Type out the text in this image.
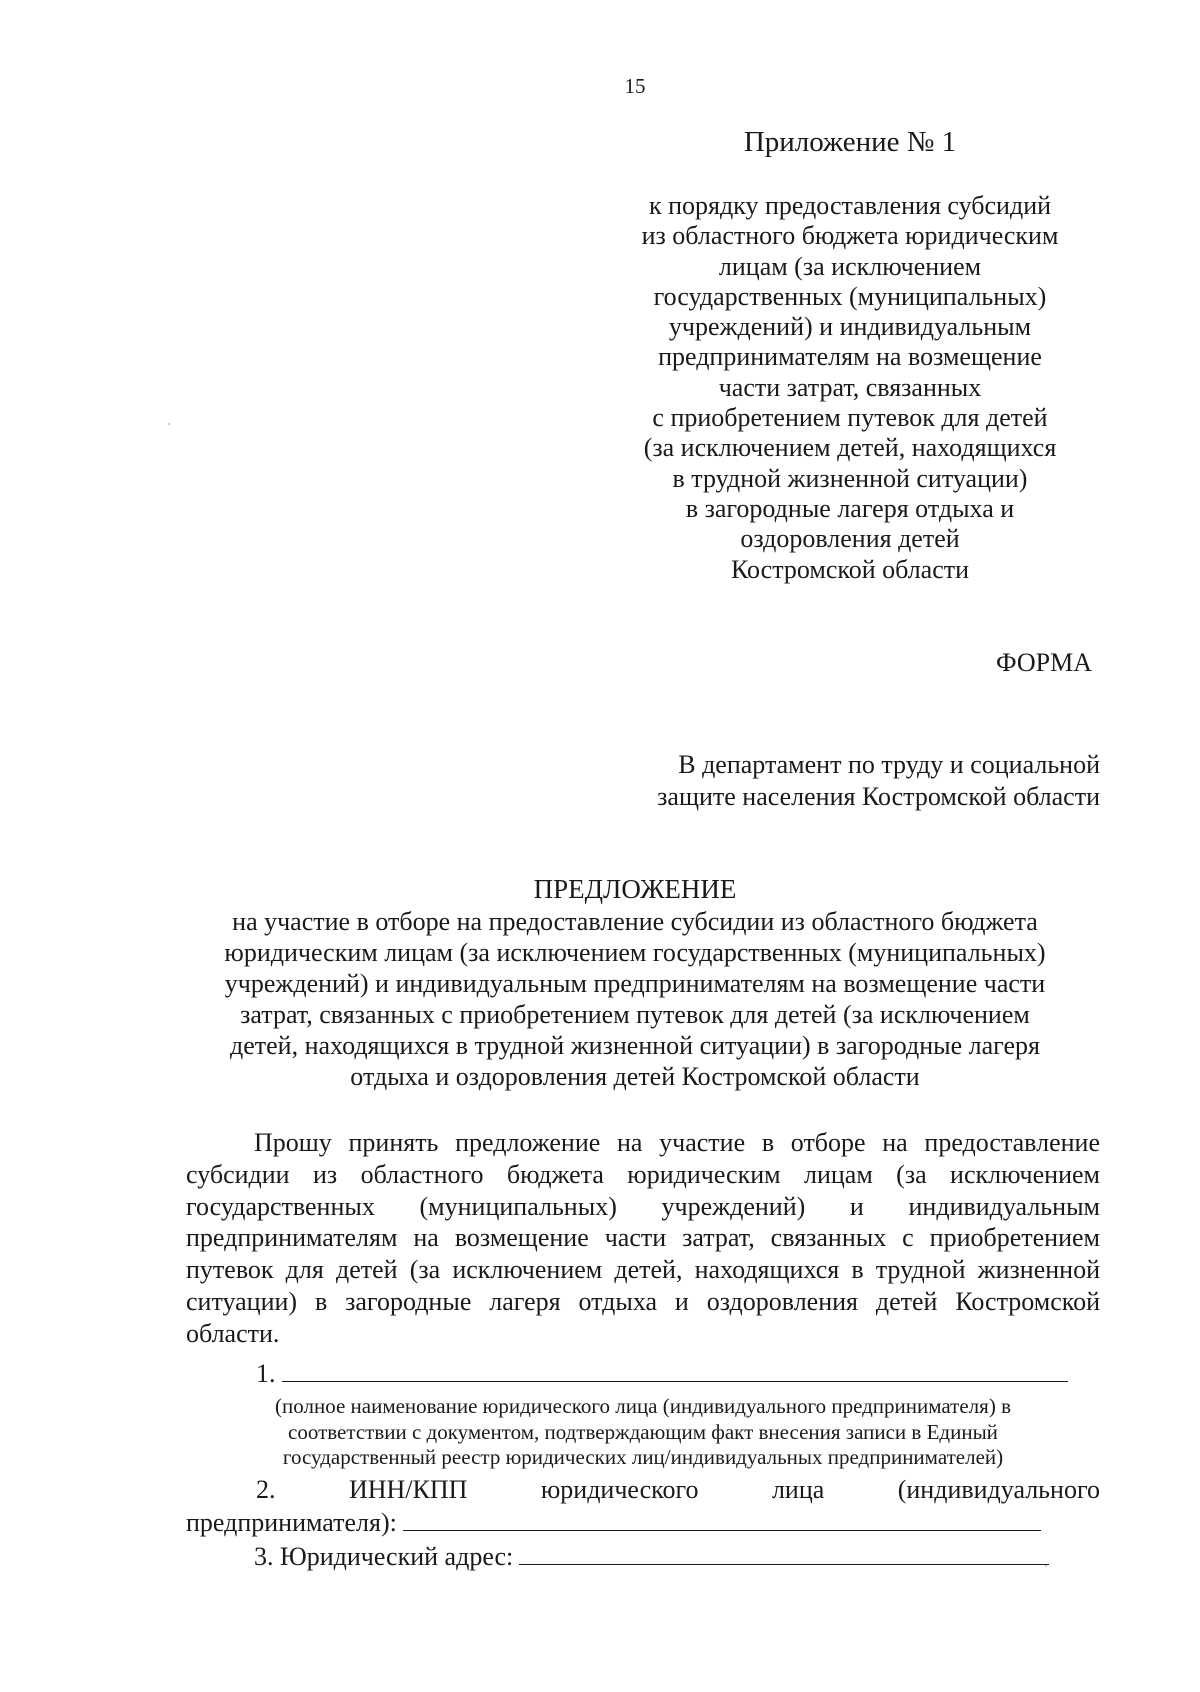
15
Приложение № 1
к порядку предоставления субсидий
из областного бюджета юридическим
лицам (за исключением
государственных (муниципальных)
учреждений) и индивидуальным
предпринимателям на возмещение
части затрат, связанных
с приобретением путевок для детей
(за исключением детей, находящихся
в трудной жизненной ситуации)
в загородные лагеря отдыха и
оздоровления детей
Костромской области
ФОРМА
В департамент по труду и социальной
защите населения Костромской области
ПРЕДЛОЖЕНИЕ
на участие в отборе на предоставление субсидии из областного бюджета
юридическим лицам (за исключением государственных (муниципальных)
учреждений) и индивидуальным предпринимателям на возмещение части
затрат, связанных с приобретением путевок для детей (за исключением
детей, находящихся в трудной жизненной ситуации) в загородные лагеря
отдыха и оздоровления детей Костромской области
Прошу принять предложение на участие в отборе на предоставление субсидии из областного бюджета юридическим лицам (за исключением государственных (муниципальных) учреждений) и индивидуальным предпринимателям на возмещение части затрат, связанных с приобретением путевок для детей (за исключением детей, находящихся в трудной жизненной ситуации) в загородные лагеря отдыха и оздоровления детей Костромской области.
1.
(полное наименование юридического лица (индивидуального предпринимателя) в
соответствии с документом, подтверждающим факт внесения записи в Единый
государственный реестр юридических лиц/индивидуальных предпринимателей)
2.	ИНН/КПП	юридического	лица	(индивидуального
предпринимателя):
3. Юридический адрес:
